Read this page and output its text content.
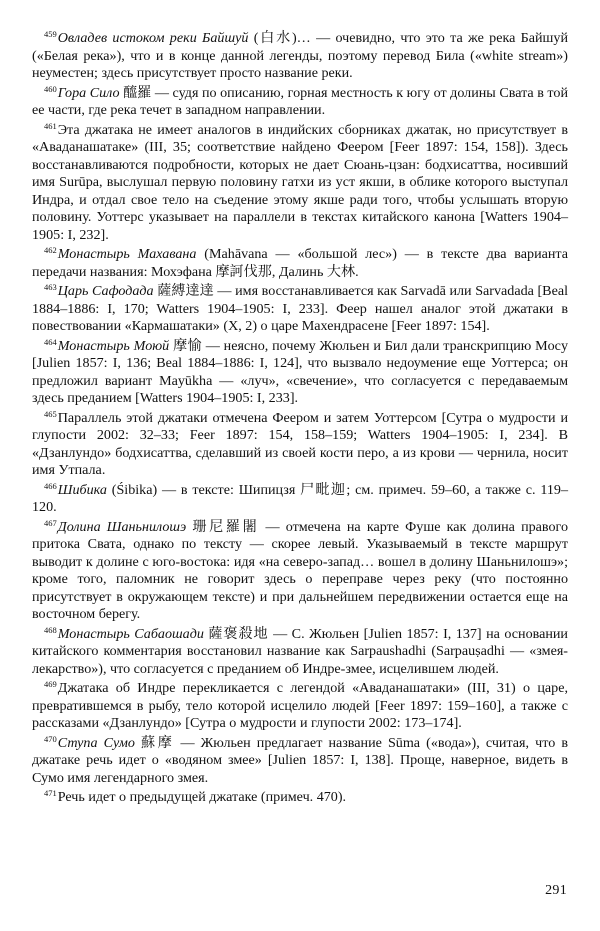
$^{459}$Овладев истоком реки Байшуй (白水)… — очевидно, что это та же река Байшуй («Белая река»), что и в конце данной легенды, поэтому перевод Била («white stream») неуместен; здесь присутствует просто название реки.

$^{460}$Гора Сило 醯羅 — судя по описанию, горная местность к югу от долины Свата в той ее части, где река течет в западном направлении.

$^{461}$Эта джатака не имеет аналогов в индийских сборниках джатак, но присутствует в «Аваданашатаке» (III, 35; соответствие найдено Феером [Feer 1897: 154, 158]). Здесь восстанавливаются подробности, которых не дает Сюань-цзан: бодхисаттва, носивший имя Surūpa, выслушал первую половину гатхи из уст якши, в облике которого выступал Индра, и отдал свое тело на съедение этому якше ради того, чтобы услышать вторую половину. Уоттерс указывает на параллели в текстах китайского канона [Watters 1904–1905: I, 232].

$^{462}$Монастырь Махавана (Mahāvana — «большой лес») — в тексте два варианта передачи названия: Мохэфана 摩訶伐那, Далинь 大林.

$^{463}$Царь Сафодада 薩縛達達 — имя восстанавливается как Sarvadā или Sarvadada [Beal 1884–1886: I, 170; Watters 1904–1905: I, 233]. Феер нашел аналог этой джатаки в повествовании «Кармашатаки» (X, 2) о царе Махендрасене [Feer 1897: 154].

$^{464}$Монастырь Моюй 摩愉 — неясно, почему Жюльен и Бил дали транскрипцию Mocy [Julien 1857: I, 136; Beal 1884–1886: I, 124], что вызвало недоумение еще Уоттерса; он предложил вариант Mayūkha — «луч», «свечение», что согласуется с передаваемым здесь преданием [Watters 1904–1905: I, 233].

$^{465}$Параллель этой джатаки отмечена Феером и затем Уоттерсом [Сутра о мудрости и глупости 2002: 32–33; Feer 1897: 154, 158–159; Watters 1904–1905: I, 234]. В «Дзанлундо» бодхисаттва, сделавший из своей кости перо, а из крови — чернила, носит имя Утпала.

$^{466}$Шибика (Śibika) — в тексте: Шипицзя 尸毗迦; см. примеч. 59–60, а также с. 119–120.

$^{467}$Долина Шаньнилошэ 珊尼羅闍 — отмечена на карте Фуше как долина правого притока Свата, однако по тексту — скорее левый. Указываемый в тексте маршрут выводит к долине с юго-востока: идя «на северо-запад… вошел в долину Шаньнилошэ»; кроме того, паломник не говорит здесь о переправе через реку (что постоянно присутствует в окружающем тексте) и при дальнейшем передвижении остается еще на восточном берегу.

$^{468}$Монастырь Сабаошади 薩褒殺地 — С. Жюльен [Julien 1857: I, 137] на основании китайского комментария восстановил название как Sarpaushadhi (Sarpauṣadhi — «змея-лекарство»), что согласуется с преданием об Индре-змее, исцелившем людей.

$^{469}$Джатака об Индре перекликается с легендой «Аваданашатаки» (III, 31) о царе, превратившемся в рыбу, тело которой исцелило людей [Feer 1897: 159–160], а также с рассказами «Дзанлундо» [Сутра о мудрости и глупости 2002: 173–174].

$^{470}$Ступа Сумо 蘇摩 — Жюльен предлагает название Sūma («вода»), считая, что в джатаке речь идет о «водяном змее» [Julien 1857: I, 138]. Проще, наверное, видеть в Сумо имя легендарного змея.

$^{471}$Речь идет о предыдущей джатаке (примеч. 470).

291
